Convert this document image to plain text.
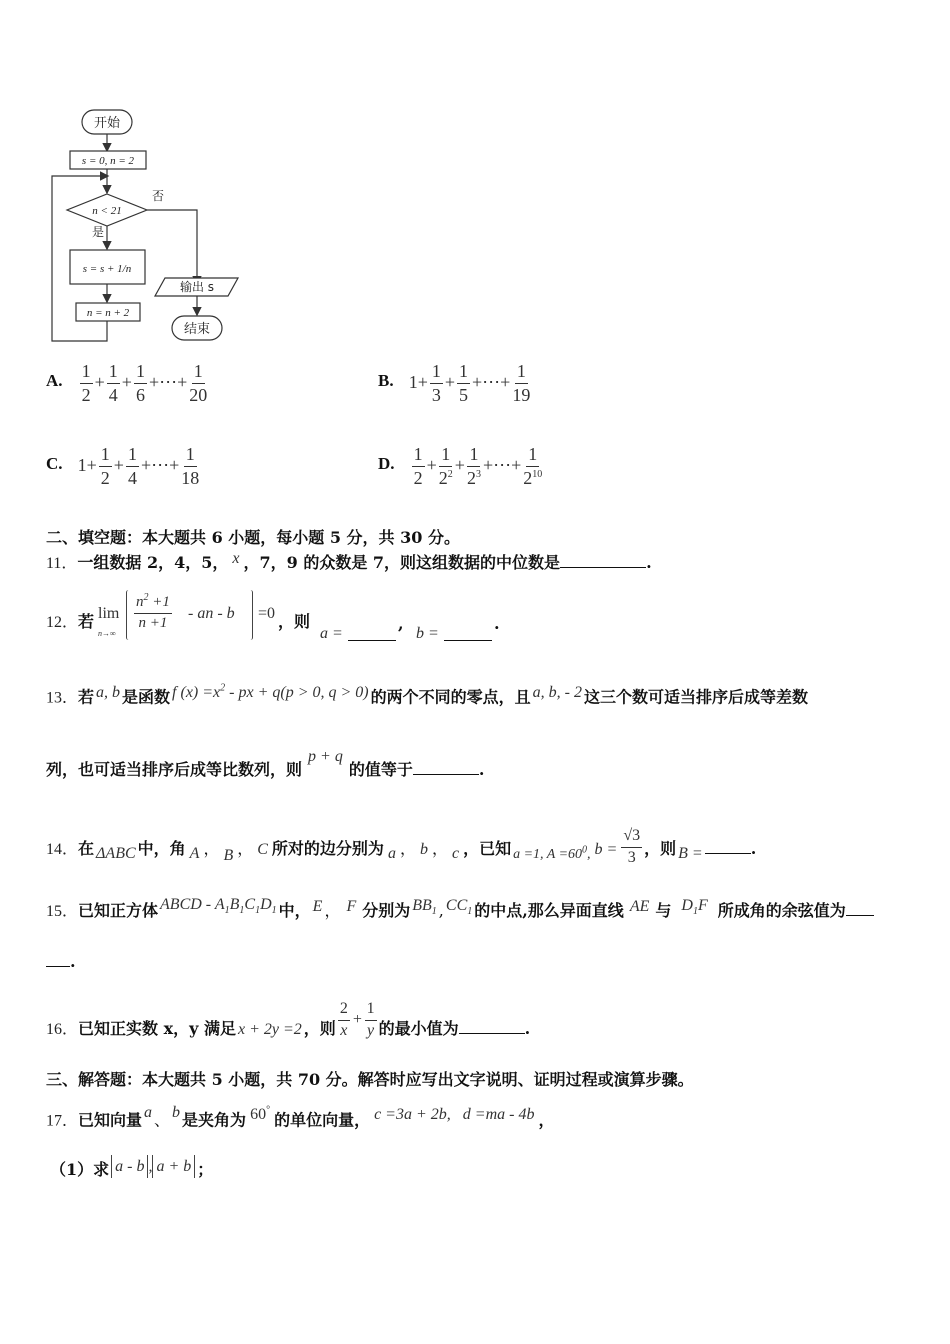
开始
s = 0, n = 2
n < 21
否
是
s = s + 1/n
n = n + 2
输出 s
结束
A. $\frac{1}{2} + \frac{1}{4} + \frac{1}{6}$ +⋯+ $\frac{1}{20}$	B. $1+ \frac{1}{3} + \frac{1}{5}$ +⋯+ $\frac{1}{19}$
C. $1+ \frac{1}{2} + \frac{1}{4}$ +⋯+ $\frac{1}{18}$	D. $\frac{1}{2} + \frac{1}{2^2} + \frac{1}{2^3}$ +⋯+ $\frac{1}{2^{10}}$
二、填空题：本大题共 6 小题，每小题 5 分，共 30 分。
11．一组数据 2，4，5， x ，7，9 的众数是 7，则这组数据的中位数是	.
12．若 lim
n→∞
$\frac{n^2 +1}{n +1}$ - an - b =0 ，则
a =
,
b =
.
13．若 a, b 是函数 f $(x) =x^2$ - px + q(p > 0, q > 0) 的两个不同的零点，且 a, b, - 2 这三个数可适当排序后成等差数
列，也可适当排序后成等比数列，则p + q的值等于	.
14．在 ΔABC 中，角 A ， B ， C 所对的边分别为 a ， b ， c ，已知 a =1, $A =60^0$, $b = \frac{√3}{3}$ ，则 B =	.
15．已知正方体 ABCD - $A_1B_1C_1D_1$ 中， E ， F 分别为 $BB_1$ , $CC_1$ 的中点,那么异面直线 AE 与 $D_1F$ 所成角的余弦值为
.
16．已知正实数 x，y 满足 x + 2y =2 ，则 $\frac{2}{x} + \frac{1}{y}$ 的最小值为	.
三、解答题：本大题共 5 小题，共 70 分。解答时应写出文字说明、证明过程或演算步骤。
17．已知向量 a 、 b 是夹角为 60° 的单位向量， c =3a + 2b,   d =ma - 4b ，
（1）求 a - b , a + b ；
